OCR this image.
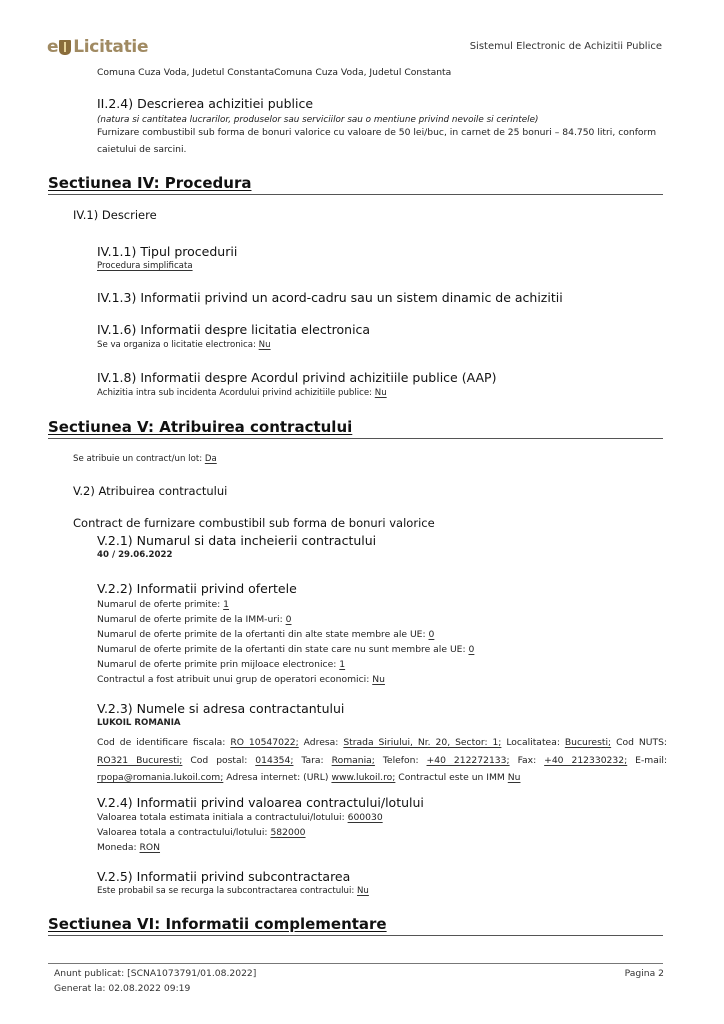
e Licitatie	Sistemul Electronic de Achizitii Publice
Comuna Cuza Voda, Judetul ConstantaComuna Cuza Voda, Judetul Constanta
II.2.4) Descrierea achizitiei publice
(natura si cantitatea lucrarilor, produselor sau serviciilor sau o mentiune privind nevoile si cerintele)
Furnizare combustibil sub forma de bonuri valorice cu valoare de 50 lei/buc, in carnet de 25 bonuri – 84.750 litri, conform caietului de sarcini.
Sectiunea IV: Procedura
IV.1) Descriere
IV.1.1) Tipul procedurii
Procedura simplificata
IV.1.3) Informatii privind un acord-cadru sau un sistem dinamic de achizitii
IV.1.6) Informatii despre licitatia electronica
Se va organiza o licitatie electronica: Nu
IV.1.8) Informatii despre Acordul privind achizitiile publice (AAP)
Achizitia intra sub incidenta Acordului privind achizitiile publice: Nu
Sectiunea V: Atribuirea contractului
Se atribuie un contract/un lot: Da
V.2) Atribuirea contractului
Contract de furnizare combustibil sub forma de bonuri valorice
V.2.1) Numarul si data incheierii contractului
40 / 29.06.2022
V.2.2) Informatii privind ofertele
Numarul de oferte primite: 1
Numarul de oferte primite de la IMM-uri: 0
Numarul de oferte primite de la ofertanti din alte state membre ale UE: 0
Numarul de oferte primite de la ofertanti din state care nu sunt membre ale UE: 0
Numarul de oferte primite prin mijloace electronice: 1
Contractul a fost atribuit unui grup de operatori economici: Nu
V.2.3) Numele si adresa contractantului
LUKOIL ROMANIA
Cod de identificare fiscala: RO 10547022; Adresa: Strada Siriului, Nr. 20, Sector: 1; Localitatea: Bucuresti; Cod NUTS: RO321 Bucuresti; Cod postal: 014354; Tara: Romania; Telefon: +40 212272133; Fax: +40 212330232; E-mail: rpopa@romania.lukoil.com; Adresa internet: (URL) www.lukoil.ro; Contractul este un IMM Nu
V.2.4) Informatii privind valoarea contractului/lotului
Valoarea totala estimata initiala a contractului/lotului: 600030
Valoarea totala a contractului/lotului: 582000
Moneda: RON
V.2.5) Informatii privind subcontractarea
Este probabil sa se recurga la subcontractarea contractului: Nu
Sectiunea VI: Informatii complementare
Anunt publicat: [SCNA1073791/01.08.2022]
Generat la: 02.08.2022 09:19
Pagina 2
